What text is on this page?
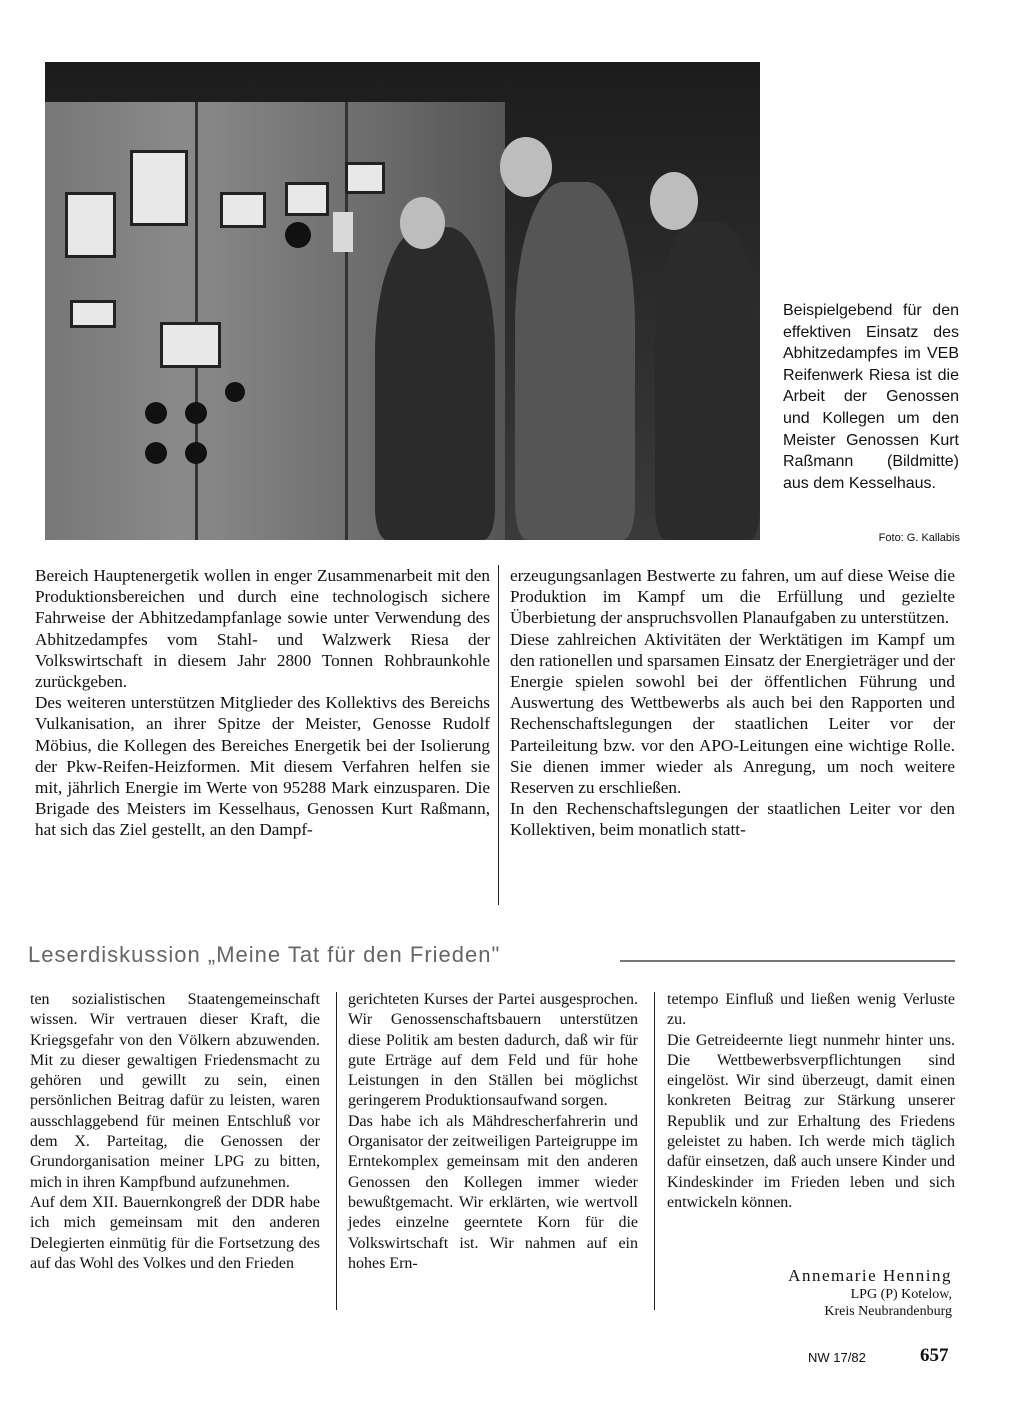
Beispielgebend für den effektiven Einsatz des Abhitzedampfes im VEB Reifenwerk Riesa ist die Arbeit der Genossen und Kollegen um den Meister Genossen Kurt Raßmann (Bildmitte) aus dem Kesselhaus.
Foto: G. Kallabis
Bereich Hauptenergetik wollen in enger Zusammenarbeit mit den Produktionsbereichen und durch eine technologisch sichere Fahrweise der Abhitzedampfanlage sowie unter Verwendung des Abhitzedampfes vom Stahl- und Walzwerk Riesa der Volkswirtschaft in diesem Jahr 2800 Tonnen Rohbraunkohle zurückgeben.
Des weiteren unterstützen Mitglieder des Kollektivs des Bereichs Vulkanisation, an ihrer Spitze der Meister, Genosse Rudolf Möbius, die Kollegen des Bereiches Energetik bei der Isolierung der Pkw-Reifen-Heizformen. Mit diesem Verfahren helfen sie mit, jährlich Energie im Werte von 95288 Mark einzusparen. Die Brigade des Meisters im Kesselhaus, Genossen Kurt Raßmann, hat sich das Ziel gestellt, an den Dampf-
erzeugungsanlagen Bestwerte zu fahren, um auf diese Weise die Produktion im Kampf um die Erfüllung und gezielte Überbietung der anspruchsvollen Planaufgaben zu unterstützen.
Diese zahlreichen Aktivitäten der Werktätigen im Kampf um den rationellen und sparsamen Einsatz der Energieträger und der Energie spielen sowohl bei der öffentlichen Führung und Auswertung des Wettbewerbs als auch bei den Rapporten und Rechenschaftslegungen der staatlichen Leiter vor der Parteileitung bzw. vor den APO-Leitungen eine wichtige Rolle. Sie dienen immer wieder als Anregung, um noch weitere Reserven zu erschließen.
In den Rechenschaftslegungen der staatlichen Leiter vor den Kollektiven, beim monatlich statt-
Leserdiskussion „Meine Tat für den Frieden"
ten sozialistischen Staatengemeinschaft wissen. Wir vertrauen dieser Kraft, die Kriegsgefahr von den Völkern abzuwenden. Mit zu dieser gewaltigen Friedensmacht zu gehören und gewillt zu sein, einen persönlichen Beitrag dafür zu leisten, waren ausschlaggebend für meinen Entschluß vor dem X. Parteitag, die Genossen der Grundorganisation meiner LPG zu bitten, mich in ihren Kampfbund aufzunehmen.
Auf dem XII. Bauernkongreß der DDR habe ich mich gemeinsam mit den anderen Delegierten einmütig für die Fortsetzung des auf das Wohl des Volkes und den Frieden
gerichteten Kurses der Partei ausgesprochen. Wir Genossenschaftsbauern unterstützen diese Politik am besten dadurch, daß wir für gute Erträge auf dem Feld und für hohe Leistungen in den Ställen bei möglichst geringerem Produktionsaufwand sorgen.
Das habe ich als Mähdrescherfahrerin und Organisator der zeitweiligen Parteigruppe im Erntekomplex gemeinsam mit den anderen Genossen den Kollegen immer wieder bewußtgemacht. Wir erklärten, wie wertvoll jedes einzelne geerntete Korn für die Volkswirtschaft ist. Wir nahmen auf ein hohes Ern-
tetempo Einfluß und ließen wenig Verluste zu.
Die Getreideernte liegt nunmehr hinter uns. Die Wettbewerbsverpflichtungen sind eingelöst. Wir sind überzeugt, damit einen konkreten Beitrag zur Stärkung unserer Republik und zur Erhaltung des Friedens geleistet zu haben. Ich werde mich täglich dafür einsetzen, daß auch unsere Kinder und Kindeskinder im Frieden leben und sich entwickeln können.
Annemarie Henning
LPG (P) Kotelow,
Kreis Neubrandenburg
NW 17/82	657
